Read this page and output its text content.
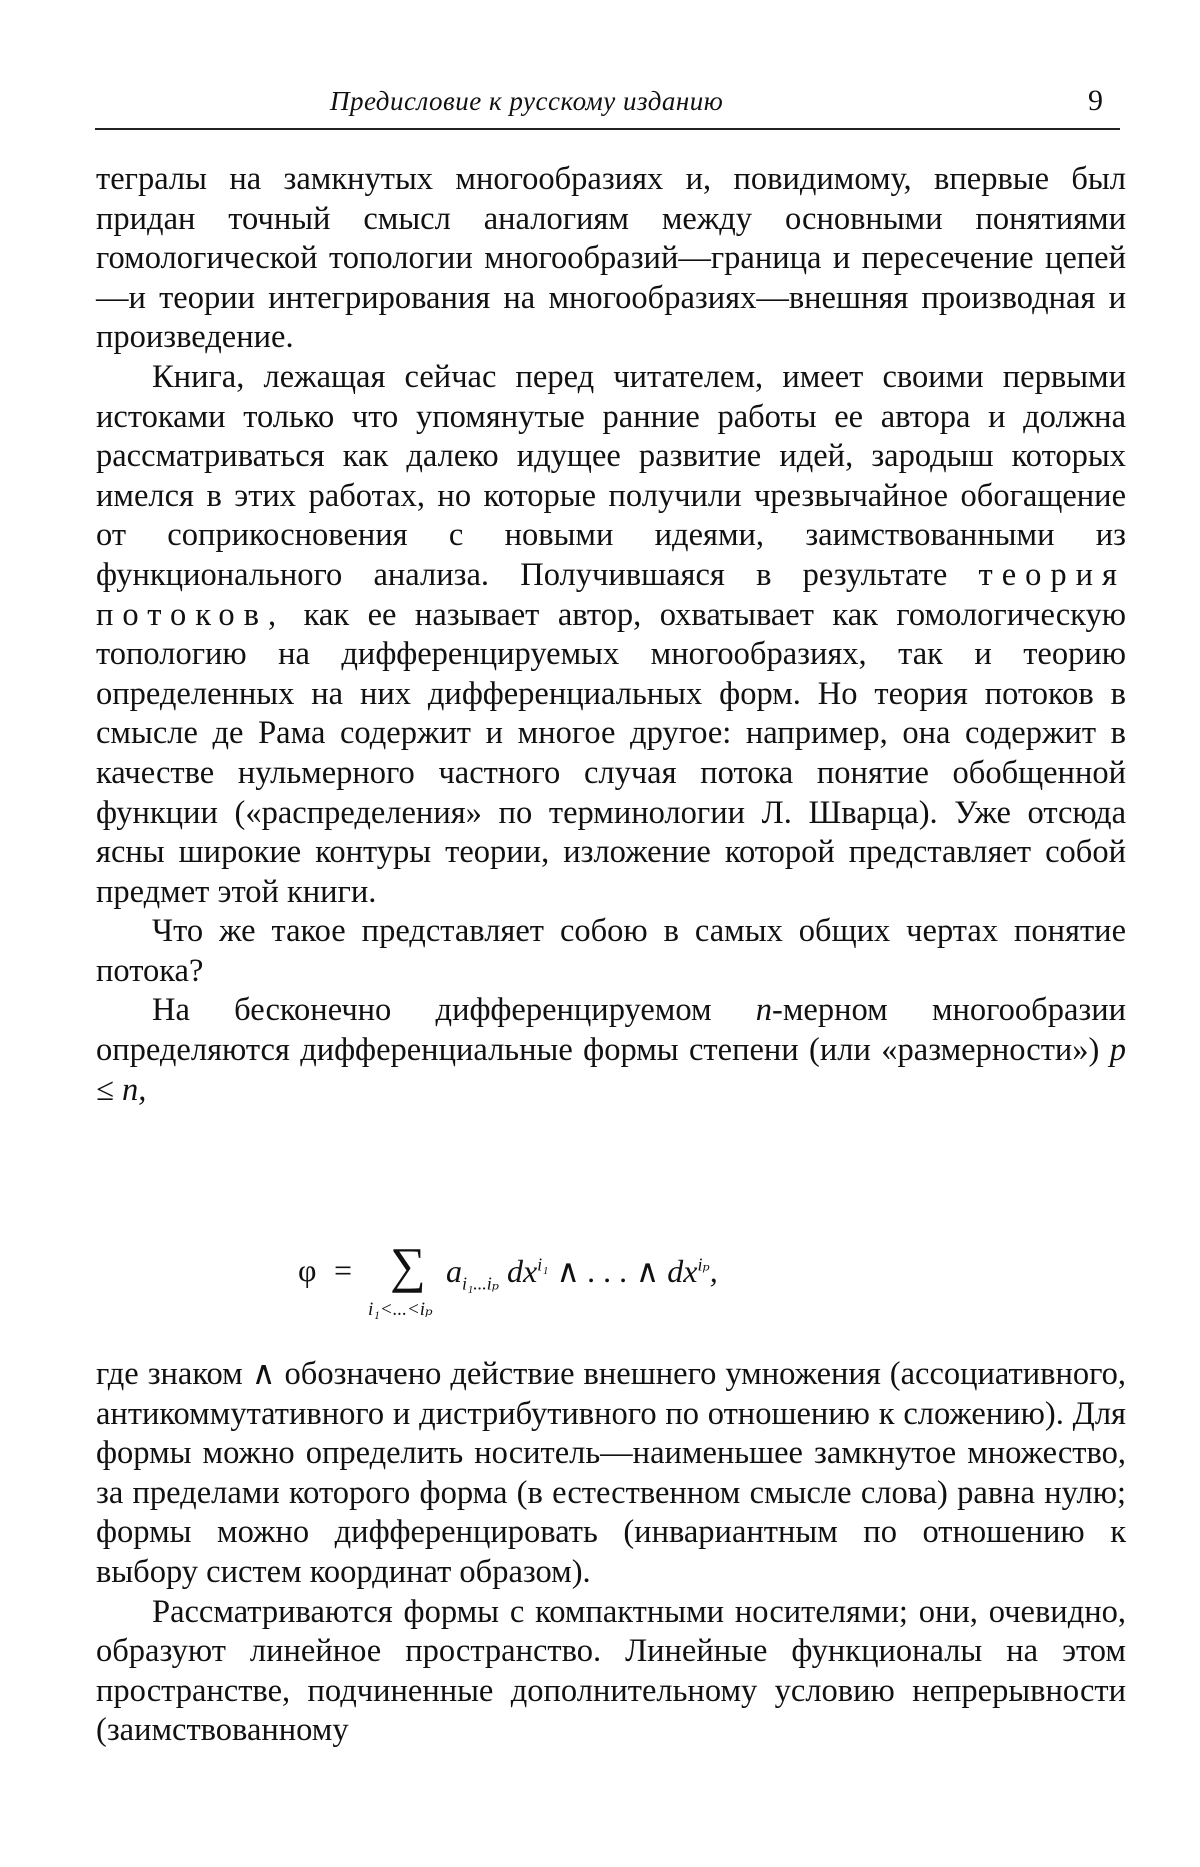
Предисловие к русскому изданию	9

тегралы на замкнутых многообразиях и, повидимому, впервые был придан точный смысл аналогиям между основными понятиями гомологической топологии многообразий—граница и пересечение цепей—и теории интегрирования на многообразиях—внешняя производная и произведение.

Книга, лежащая сейчас перед читателем, имеет своими первыми истоками только что упомянутые ранние работы ее автора и должна рассматриваться как далеко идущее развитие идей, зародыш которых имелся в этих работах, но которые получили чрезвычайное обогащение от соприкосновения с новыми идеями, заимствованными из функционального анализа. Получившаяся в результате теория потоков, как ее называет автор, охватывает как гомологическую топологию на дифференцируемых многообразиях, так и теорию определенных на них дифференциальных форм. Но теория потоков в смысле де Рама содержит и многое другое: например, она содержит в качестве нульмерного частного случая потока понятие обобщенной функции («распределения» по терминологии Л. Шварца). Уже отсюда ясны широкие контуры теории, изложение которой представляет собой предмет этой книги.

Что же такое представляет собою в самых общих чертах понятие потока?

На бесконечно дифференцируемом n-мерном многообразии определяются дифференциальные формы степени (или «размерности») p ≤ n,

φ = ∑
i₁<...<iₚ
$a_{i_1...i_p}$ $dx^{i_1}$ ∧ . . . ∧ $dx^{i_p}$,

где знаком ∧ обозначено действие внешнего умножения (ассоциативного, антикоммутативного и дистрибутивного по отношению к сложению). Для формы можно определить носитель—наименьшее замкнутое множество, за пределами которого форма (в естественном смысле слова) равна нулю; формы можно дифференцировать (инвариантным по отношению к выбору систем координат образом).

Рассматриваются формы с компактными носителями; они, очевидно, образуют линейное пространство. Линейные функционалы на этом пространстве, подчиненные дополнительному условию непрерывности (заимствованному
